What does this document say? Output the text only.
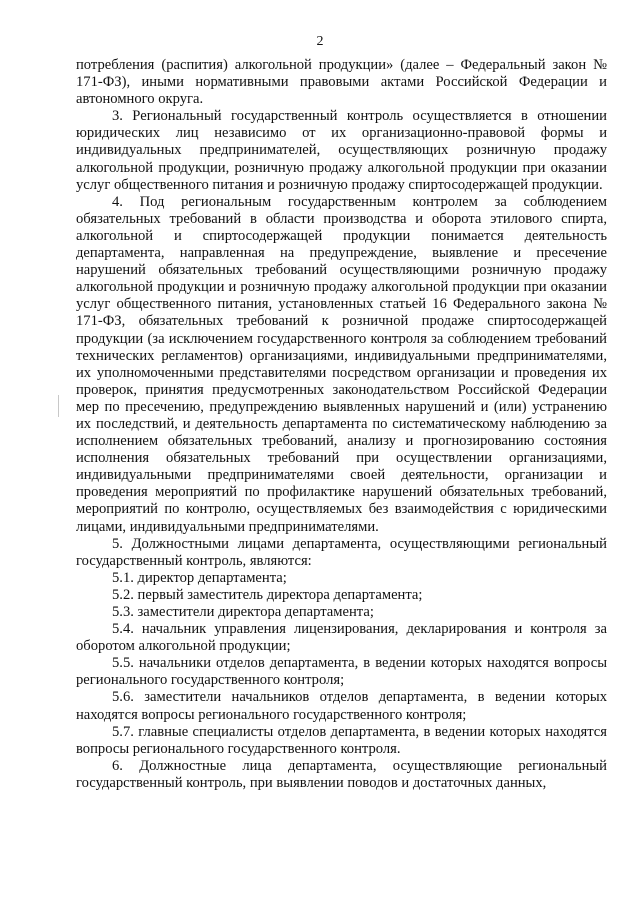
2

потребления (распития) алкогольной продукции» (далее – Федеральный закон № 171-ФЗ), иными нормативными правовыми актами Российской Федерации и автономного округа.

3. Региональный государственный контроль осуществляется в отношении юридических лиц независимо от их организационно-правовой формы и индивидуальных предпринимателей, осуществляющих розничную продажу алкогольной продукции, розничную продажу алкогольной продукции при оказании услуг общественного питания и розничную продажу спиртосодержащей продукции.

4. Под региональным государственным контролем за соблюдением обязательных требований в области производства и оборота этилового спирта, алкогольной и спиртосодержащей продукции понимается деятельность департамента, направленная на предупреждение, выявление и пресечение нарушений обязательных требований осуществляющими розничную продажу алкогольной продукции и розничную продажу алкогольной продукции при оказании услуг общественного питания, установленных статьей 16 Федерального закона № 171-ФЗ, обязательных требований к розничной продаже спиртосодержащей продукции (за исключением государственного контроля за соблюдением требований технических регламентов) организациями, индивидуальными предпринимателями, их уполномоченными представителями посредством организации и проведения их проверок, принятия предусмотренных законодательством Российской Федерации мер по пресечению, предупреждению выявленных нарушений и (или) устранению их последствий, и деятельность департамента по систематическому наблюдению за исполнением обязательных требований, анализу и прогнозированию состояния исполнения обязательных требований при осуществлении организациями, индивидуальными предпринимателями своей деятельности, организации и проведения мероприятий по профилактике нарушений обязательных требований, мероприятий по контролю, осуществляемых без взаимодействия с юридическими лицами, индивидуальными предпринимателями.

5. Должностными лицами департамента, осуществляющими региональный государственный контроль, являются:

5.1. директор департамента;

5.2. первый заместитель директора департамента;

5.3. заместители директора департамента;

5.4. начальник управления лицензирования, декларирования и контроля за оборотом алкогольной продукции;

5.5. начальники отделов департамента, в ведении которых находятся вопросы регионального государственного контроля;

5.6. заместители начальников отделов департамента, в ведении которых находятся вопросы регионального государственного контроля;

5.7. главные специалисты отделов департамента, в ведении которых находятся вопросы регионального государственного контроля.

6. Должностные лица департамента, осуществляющие региональный государственный контроль, при выявлении поводов и достаточных данных,
